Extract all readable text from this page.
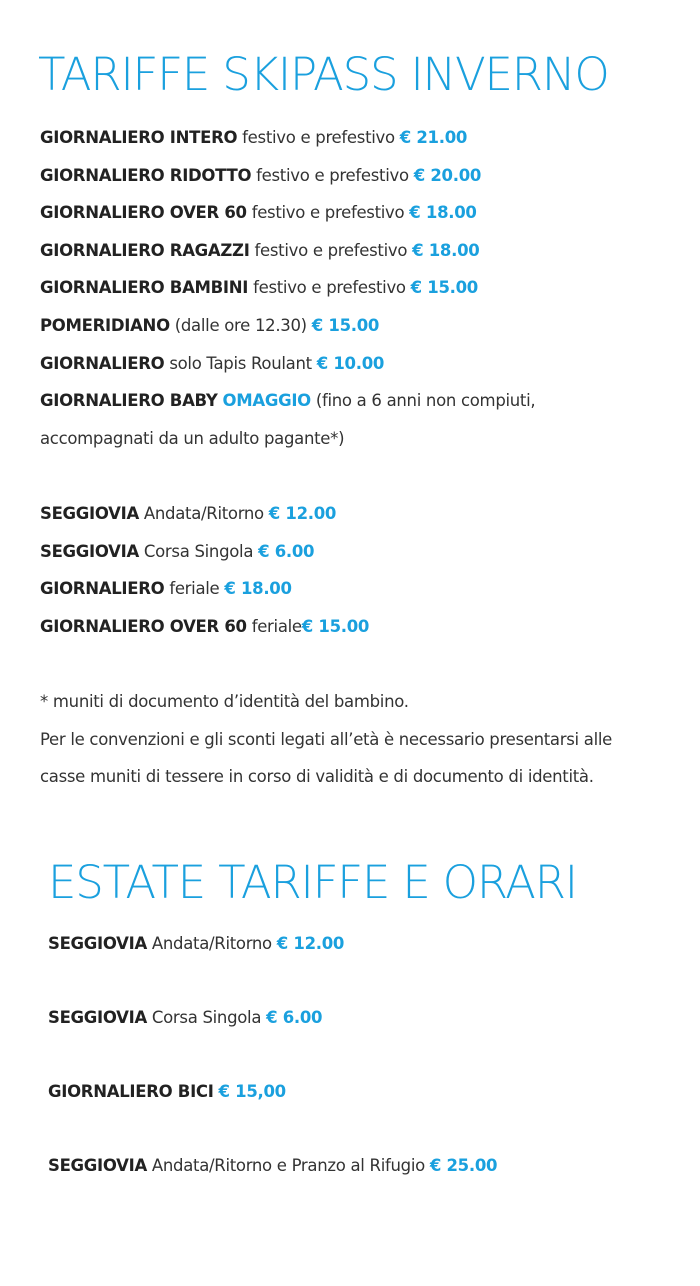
TARIFFE SKIPASS INVERNO
GIORNALIERO INTERO festivo e prefestivo € 21.00
GIORNALIERO RIDOTTO festivo e prefestivo € 20.00
GIORNALIERO OVER 60 festivo e prefestivo € 18.00
GIORNALIERO RAGAZZI festivo e prefestivo € 18.00
GIORNALIERO BAMBINI festivo e prefestivo € 15.00
POMERIDIANO (dalle ore 12.30) € 15.00
GIORNALIERO solo Tapis Roulant € 10.00
GIORNALIERO BABY OMAGGIO (fino a 6 anni non compiuti,
accompagnati da un adulto pagante*)
SEGGIOVIA Andata/Ritorno € 12.00
SEGGIOVIA Corsa Singola € 6.00
GIORNALIERO feriale € 18.00
GIORNALIERO OVER 60 feriale€ 15.00
* muniti di documento d’identità del bambino.
Per le convenzioni e gli sconti legati all’età è necessario presentarsi alle
casse muniti di tessere in corso di validità e di documento di identità.
ESTATE TARIFFE E ORARI
SEGGIOVIA Andata/Ritorno € 12.00
SEGGIOVIA Corsa Singola € 6.00
GIORNALIERO BICI € 15,00
SEGGIOVIA Andata/Ritorno e Pranzo al Rifugio € 25.00
